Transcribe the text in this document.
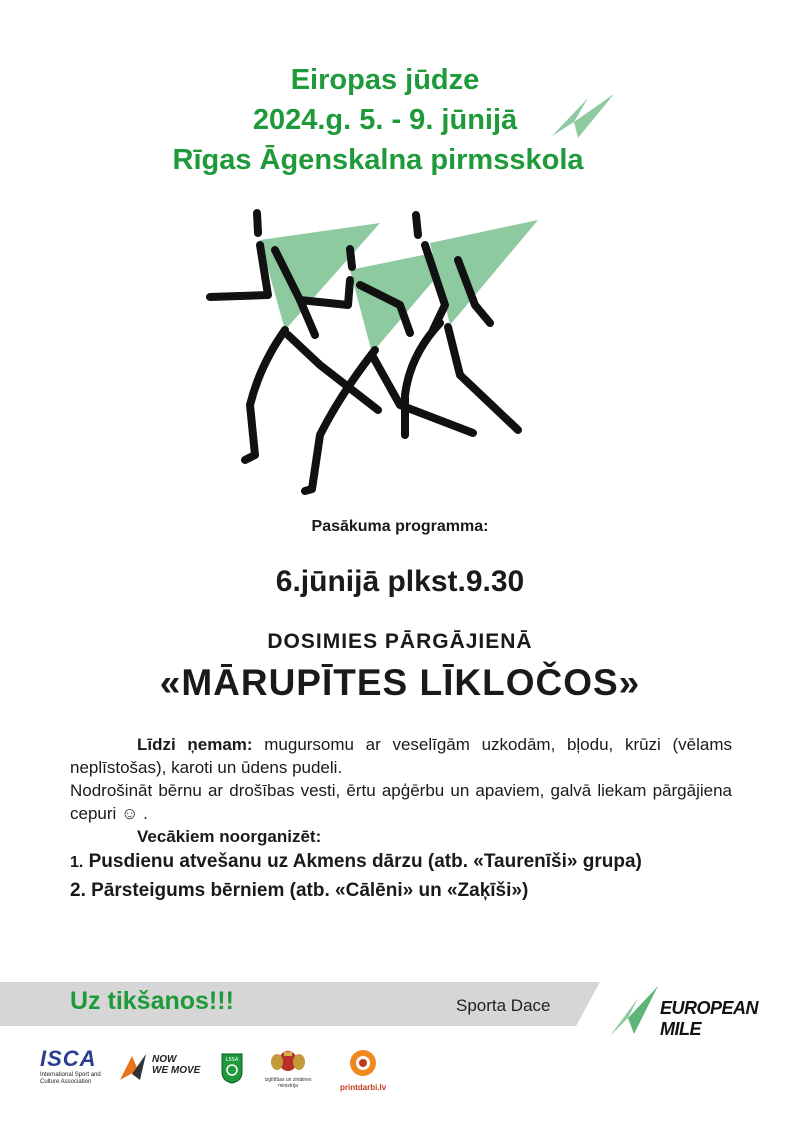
Eiropas jūdze
2024.g. 5. - 9. jūnijā
Rīgas Āgenskalna pirmsskola
Pasākuma programma:
6.jūnijā plkst.9.30
DOSIMIES PĀRGĀJIENĀ
«MĀRUPĪTES LĪKLOČOS»

Līdzi ņemam: mugursomu ar veselīgām uzkodām, bļodu, krūzi (vēlams neplīstošas), karoti un ūdens pudeli.

Nodrošināt bērnu ar drošības vesti, ērtu apģērbu un apaviem, galvā liekam pārgājiena cepuri ☺ .

Vecākiem noorganizēt:

1. Pusdienu atvešanu uz Akmens dārzu (atb. «Taurenīši» grupa)

2. Pārsteigums bērniem (atb. «Cālēni» un «Zaķīši»)

Uz tikšanos!!!	Sporta Dace	EUROPEAN MILE
ISCA
International Sport and Culture Association
NOW
WE MOVE
LSSA
Izglītības un zinātnes ministrija	printdarbi.lv
